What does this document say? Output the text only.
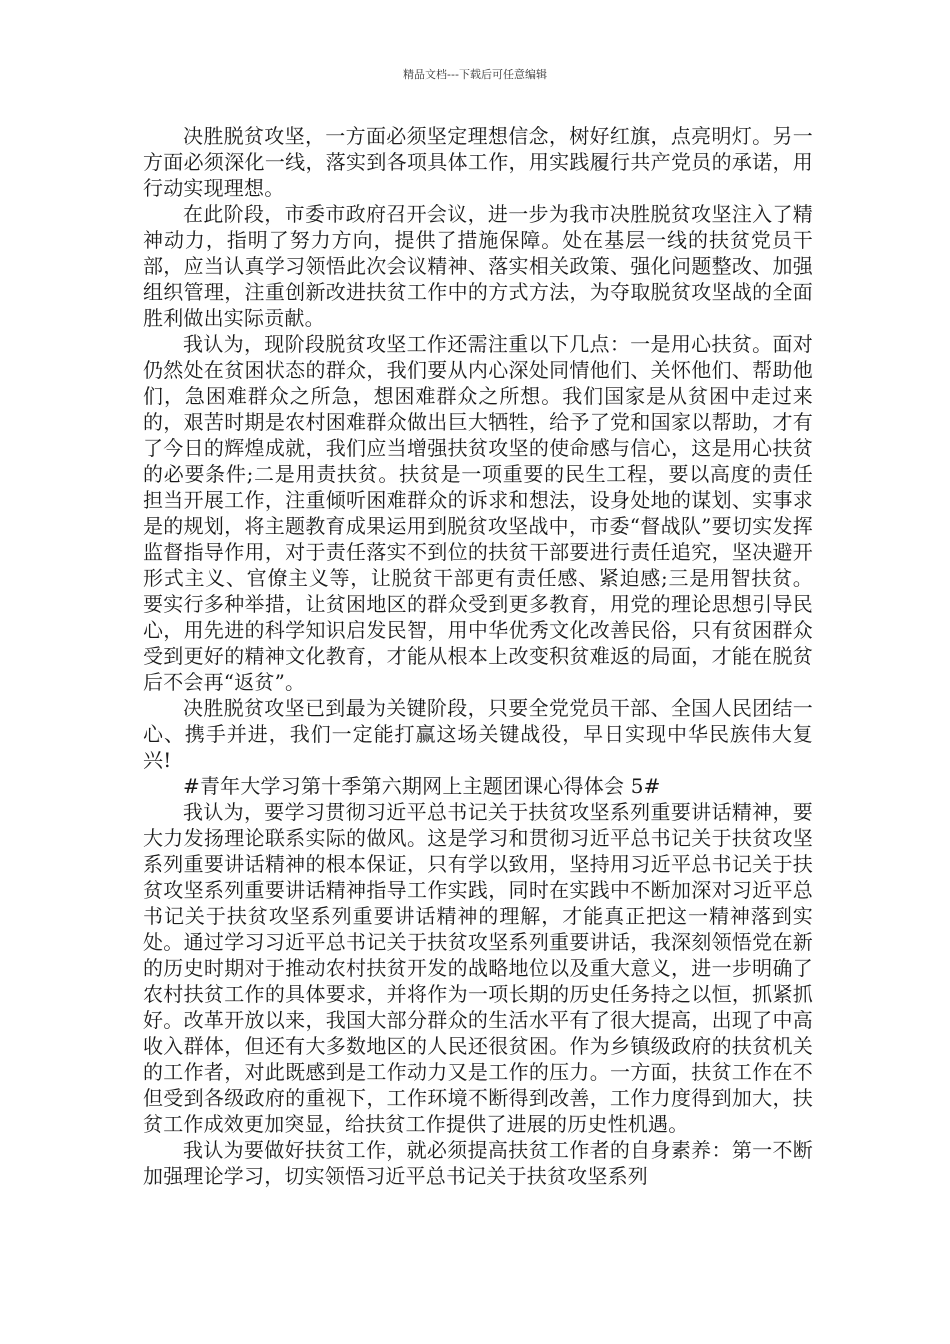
精品文档---下载后可任意编辑

决胜脱贫攻坚，一方面必须坚定理想信念，树好红旗，点亮明灯。另一方面必须深化一线，落实到各项具体工作，用实践履行共产党员的承诺，用行动实现理想。

在此阶段，市委市政府召开会议，进一步为我市决胜脱贫攻坚注入了精神动力，指明了努力方向，提供了措施保障。处在基层一线的扶贫党员干部，应当认真学习领悟此次会议精神、落实相关政策、强化问题整改、加强组织管理，注重创新改进扶贫工作中的方式方法，为夺取脱贫攻坚战的全面胜利做出实际贡献。

我认为，现阶段脱贫攻坚工作还需注重以下几点：一是用心扶贫。面对仍然处在贫困状态的群众，我们要从内心深处同情他们、关怀他们、帮助他们，急困难群众之所急，想困难群众之所想。我们国家是从贫困中走过来的，艰苦时期是农村困难群众做出巨大牺牲，给予了党和国家以帮助，才有了今日的辉煌成就，我们应当增强扶贫攻坚的使命感与信心，这是用心扶贫的必要条件;二是用责扶贫。扶贫是一项重要的民生工程，要以高度的责任担当开展工作，注重倾听困难群众的诉求和想法，设身处地的谋划、实事求是的规划，将主题教育成果运用到脱贫攻坚战中，市委“督战队”要切实发挥监督指导作用，对于责任落实不到位的扶贫干部要进行责任追究，坚决避开形式主义、官僚主义等，让脱贫干部更有责任感、紧迫感;三是用智扶贫。要实行多种举措，让贫困地区的群众受到更多教育，用党的理论思想引导民心，用先进的科学知识启发民智，用中华优秀文化改善民俗，只有贫困群众受到更好的精神文化教育，才能从根本上改变积贫难返的局面，才能在脱贫后不会再“返贫”。

决胜脱贫攻坚已到最为关键阶段，只要全党党员干部、全国人民团结一心、携手并进，我们一定能打赢这场关键战役，早日实现中华民族伟大复兴!

#青年大学习第十季第六期网上主题团课心得体会 5#

我认为，要学习贯彻习近平总书记关于扶贫攻坚系列重要讲话精神，要大力发扬理论联系实际的做风。这是学习和贯彻习近平总书记关于扶贫攻坚系列重要讲话精神的根本保证，只有学以致用，坚持用习近平总书记关于扶贫攻坚系列重要讲话精神指导工作实践，同时在实践中不断加深对习近平总书记关于扶贫攻坚系列重要讲话精神的理解，才能真正把这一精神落到实处。通过学习习近平总书记关于扶贫攻坚系列重要讲话，我深刻领悟党在新的历史时期对于推动农村扶贫开发的战略地位以及重大意义，进一步明确了农村扶贫工作的具体要求，并将作为一项长期的历史任务持之以恒，抓紧抓好。改革开放以来，我国大部分群众的生活水平有了很大提高，出现了中高收入群体，但还有大多数地区的人民还很贫困。作为乡镇级政府的扶贫机关的工作者，对此既感到是工作动力又是工作的压力。一方面，扶贫工作在不但受到各级政府的重视下，工作环境不断得到改善，工作力度得到加大，扶贫工作成效更加突显，给扶贫工作提供了进展的历史性机遇。

我认为要做好扶贫工作，就必须提高扶贫工作者的自身素养：第一不断加强理论学习，切实领悟习近平总书记关于扶贫攻坚系列
